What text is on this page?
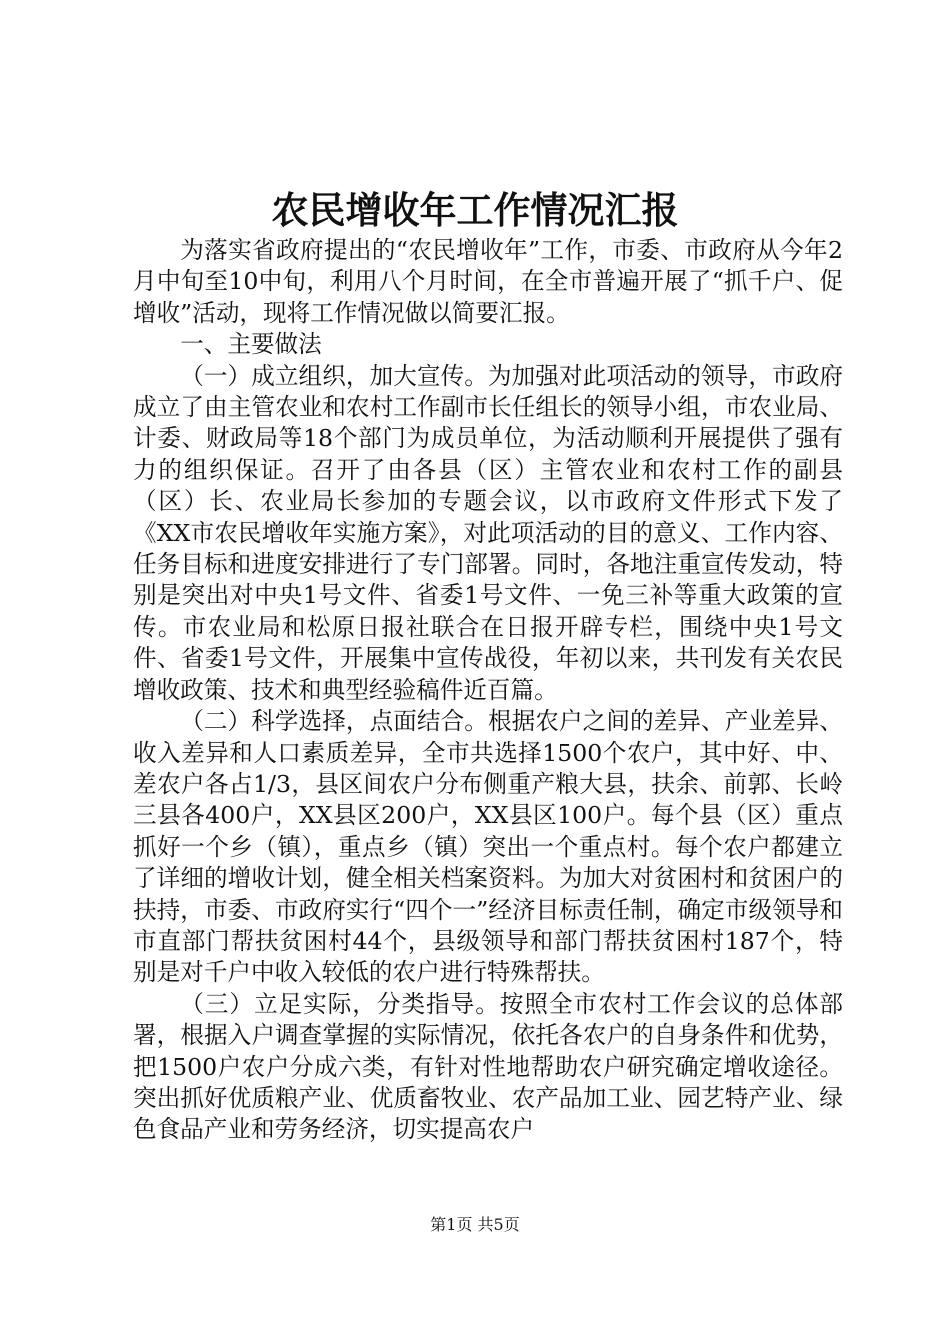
农民增收年工作情况汇报

为落实省政府提出的“农民增收年”工作，市委、市政府从今年2月中旬至10中旬，利用八个月时间，在全市普遍开展了“抓千户、促增收”活动，现将工作情况做以简要汇报。

一、主要做法

（一）成立组织，加大宣传。为加强对此项活动的领导，市政府成立了由主管农业和农村工作副市长任组长的领导小组，市农业局、计委、财政局等18个部门为成员单位，为活动顺利开展提供了强有力的组织保证。召开了由各县（区）主管农业和农村工作的副县（区）长、农业局长参加的专题会议，以市政府文件形式下发了《XX市农民增收年实施方案》，对此项活动的目的意义、工作内容、任务目标和进度安排进行了专门部署。同时，各地注重宣传发动，特别是突出对中央1号文件、省委1号文件、一免三补等重大政策的宣传。市农业局和松原日报社联合在日报开辟专栏，围绕中央1号文件、省委1号文件，开展集中宣传战役，年初以来，共刊发有关农民增收政策、技术和典型经验稿件近百篇。

（二）科学选择，点面结合。根据农户之间的差异、产业差异、收入差异和人口素质差异，全市共选择1500个农户，其中好、中、差农户各占1/3，县区间农户分布侧重产粮大县，扶余、前郭、长岭三县各400户，XX县区200户，XX县区100户。每个县（区）重点抓好一个乡（镇），重点乡（镇）突出一个重点村。每个农户都建立了详细的增收计划，健全相关档案资料。为加大对贫困村和贫困户的扶持，市委、市政府实行“四个一”经济目标责任制，确定市级领导和市直部门帮扶贫困村44个，县级领导和部门帮扶贫困村187个，特别是对千户中收入较低的农户进行特殊帮扶。

（三）立足实际，分类指导。按照全市农村工作会议的总体部署，根据入户调查掌握的实际情况，依托各农户的自身条件和优势，把1500户农户分成六类，有针对性地帮助农户研究确定增收途径。突出抓好优质粮产业、优质畜牧业、农产品加工业、园艺特产业、绿色食品产业和劳务经济，切实提高农户

第1页 共5页
